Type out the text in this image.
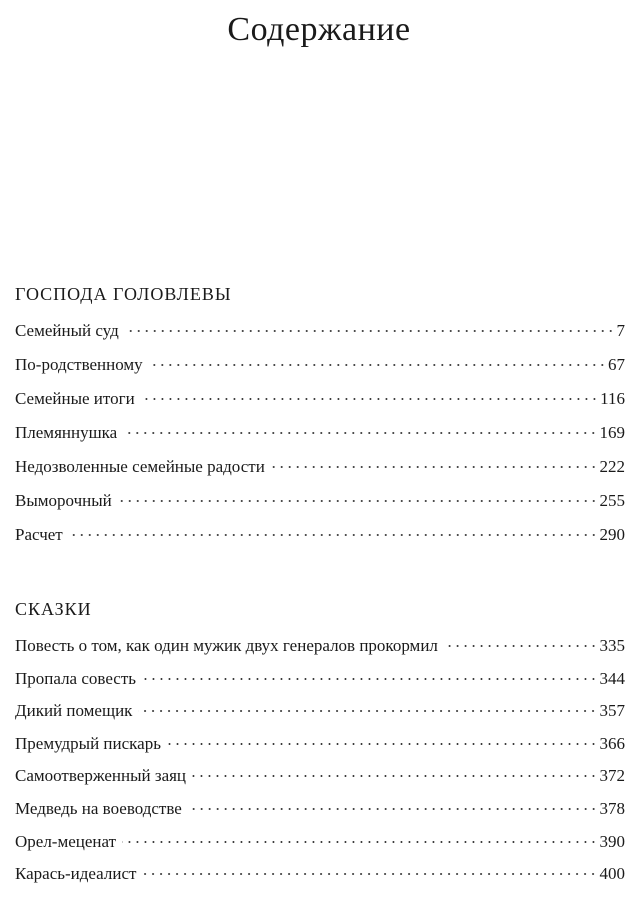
Содержание
ГОСПОДА ГОЛОВЛЕВЫ
Семейный суд	7
По-родственному	67
Семейные итоги	116
Племяннушка	169
Недозволенные семейные радости	222
Выморочный	255
Расчет	290
СКАЗКИ
Повесть о том, как один мужик двух генералов прокормил	335
Пропала совесть	344
Дикий помещик	357
Премудрый пискарь	366
Самоотверженный заяц	372
Медведь на воеводстве	378
Орел-меценат	390
Карась-идеалист	400
